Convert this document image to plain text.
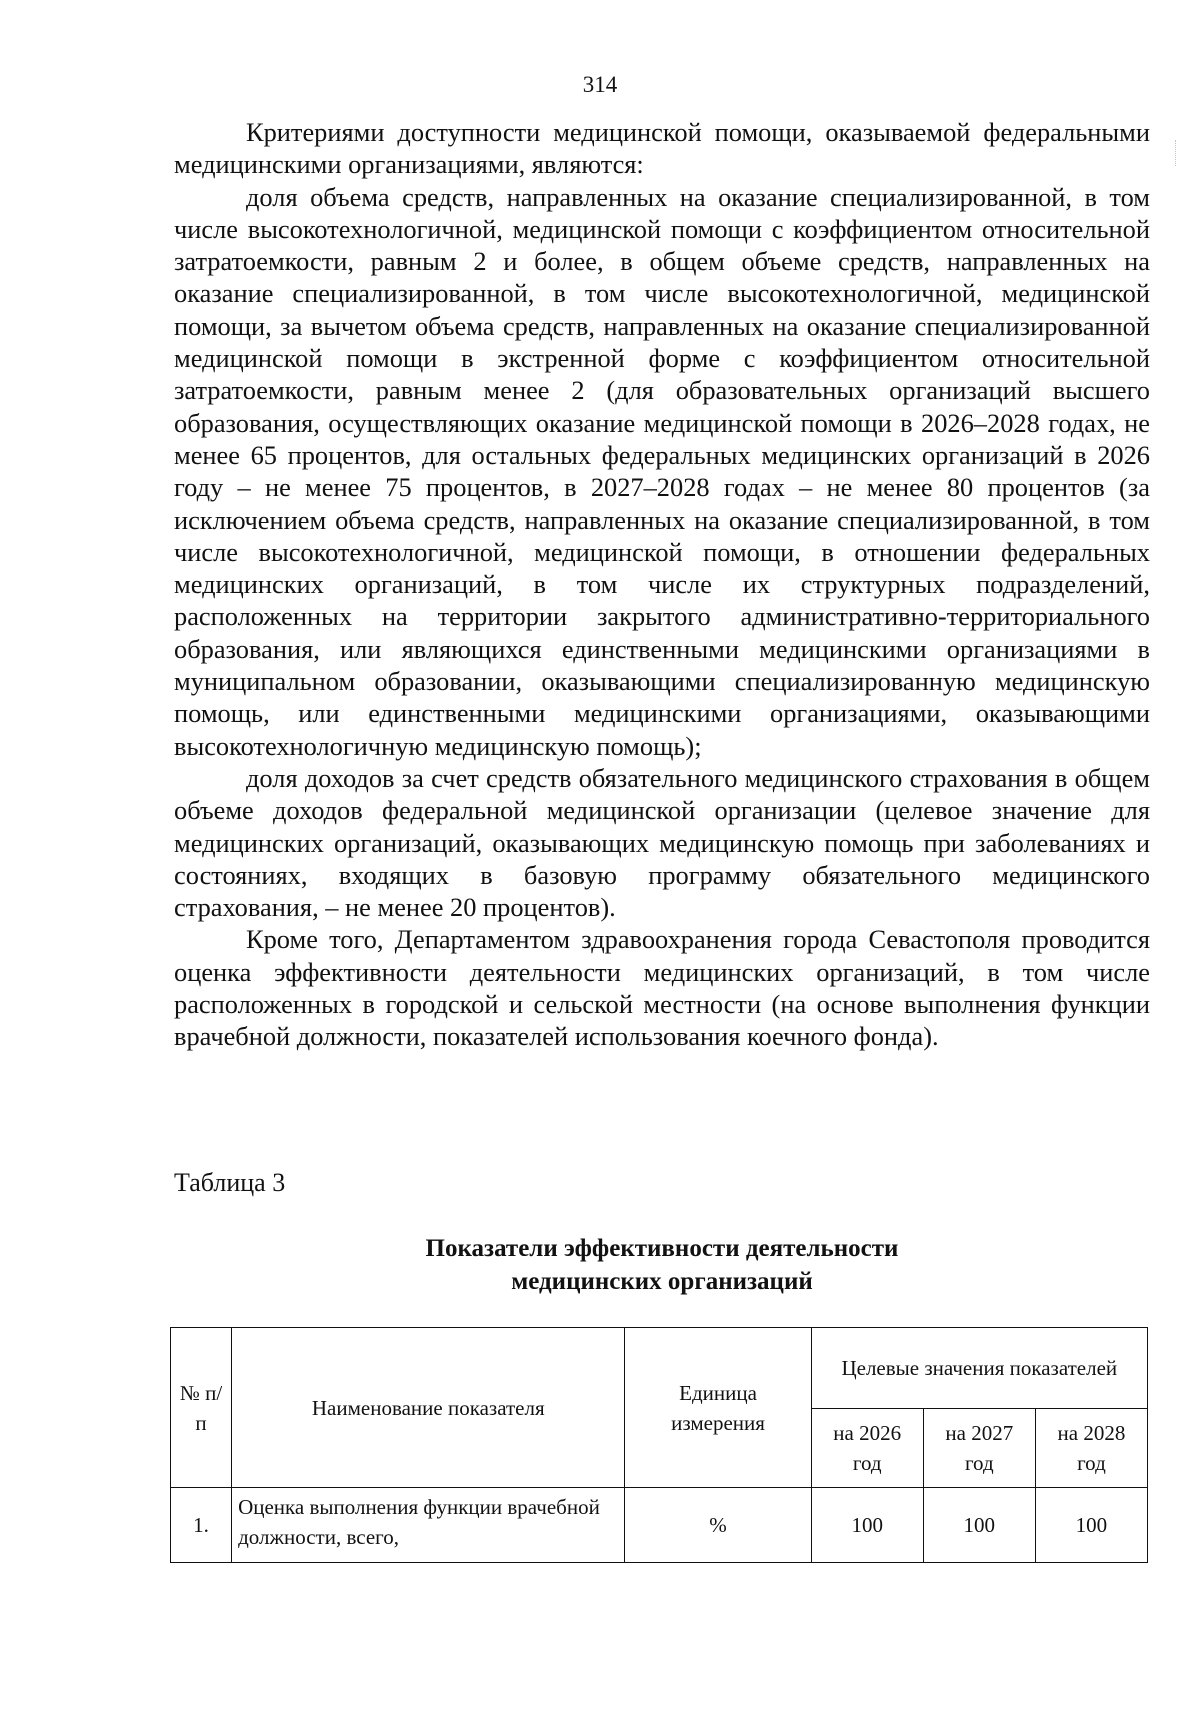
314

Критериями доступности медицинской помощи, оказываемой федеральными медицинскими организациями, являются:

доля объема средств, направленных на оказание специализированной, в том числе высокотехнологичной, медицинской помощи с коэффициентом относительной затратоемкости, равным 2 и более, в общем объеме средств, направленных на оказание специализированной, в том числе высокотехнологичной, медицинской помощи, за вычетом объема средств, направленных на оказание специализированной медицинской помощи в экстренной форме с коэффициентом относительной затратоемкости, равным менее 2 (для образовательных организаций высшего образования, осуществляющих оказание медицинской помощи в 2026–2028 годах, не менее 65 процентов, для остальных федеральных медицинских организаций в 2026 году – не менее 75 процентов, в 2027–2028 годах – не менее 80 процентов (за исключением объема средств, направленных на оказание специализированной, в том числе высокотехнологичной, медицинской помощи, в отношении федеральных медицинских организаций, в том числе их структурных подразделений, расположенных на территории закрытого административно-территориального образования, или являющихся единственными медицинскими организациями в муниципальном образовании, оказывающими специализированную медицинскую помощь, или единственными медицинскими организациями, оказывающими высокотехнологичную медицинскую помощь);

доля доходов за счет средств обязательного медицинского страхования в общем объеме доходов федеральной медицинской организации (целевое значение для медицинских организаций, оказывающих медицинскую помощь при заболеваниях и состояниях, входящих в базовую программу обязательного медицинского страхования, – не менее 20 процентов).

Кроме того, Департаментом здравоохранения города Севастополя проводится оценка эффективности деятельности медицинских организаций, в том числе расположенных в городской и сельской местности (на основе выполнения функции врачебной должности, показателей использования коечного фонда).

Таблица 3
Показатели эффективности деятельности
медицинских организаций
№ п/п	Наименование показателя	Единица измерения	Целевые значения показателей		
			на 2026 год	на 2027 год	на 2028 год
1.	Оценка выполнения функции врачебной должности, всего,	%	100	100	100
